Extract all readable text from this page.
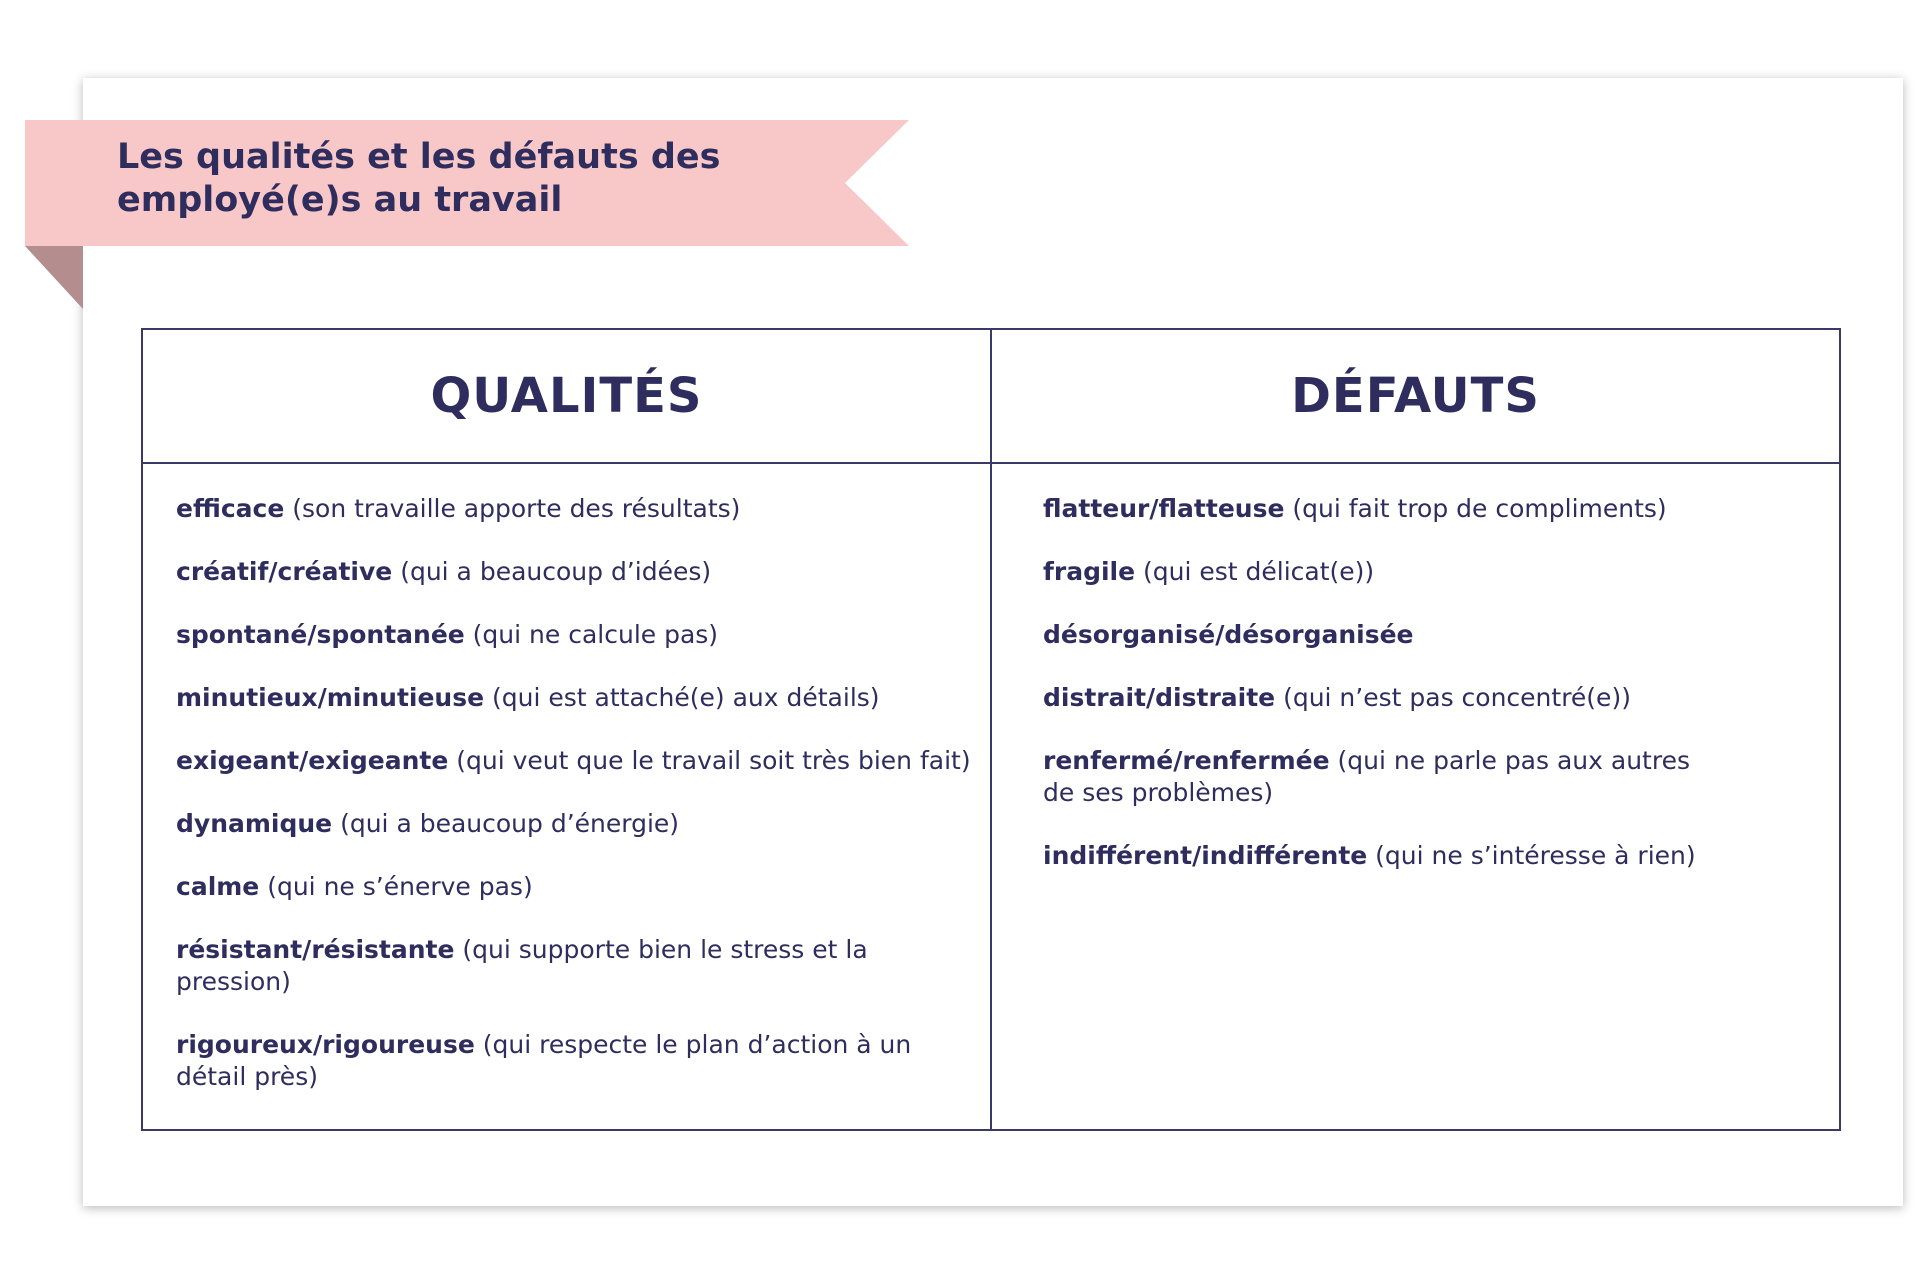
Les qualités et les défauts des employé(e)s au travail
QUALITÉS	DÉFAUTS

efficace (son travaille apporte des résultats)

créatif/créative (qui a beaucoup d’idées)

spontané/spontanée (qui ne calcule pas)

minutieux/minutieuse (qui est attaché(e) aux détails)

exigeant/exigeante (qui veut que le travail soit très bien fait)

dynamique (qui a beaucoup d’énergie)

calme (qui ne s’énerve pas)

résistant/résistante (qui supporte bien le stress et la pression)

rigoureux/rigoureuse (qui respecte le plan d’action à un détail près)

flatteur/flatteuse (qui fait trop de compliments)

fragile (qui est délicat(e))

désorganisé/désorganisée

distrait/distraite (qui n’est pas concentré(e))

renfermé/renfermée (qui ne parle pas aux autres de ses problèmes)

indifférent/indifférente (qui ne s’intéresse à rien)
